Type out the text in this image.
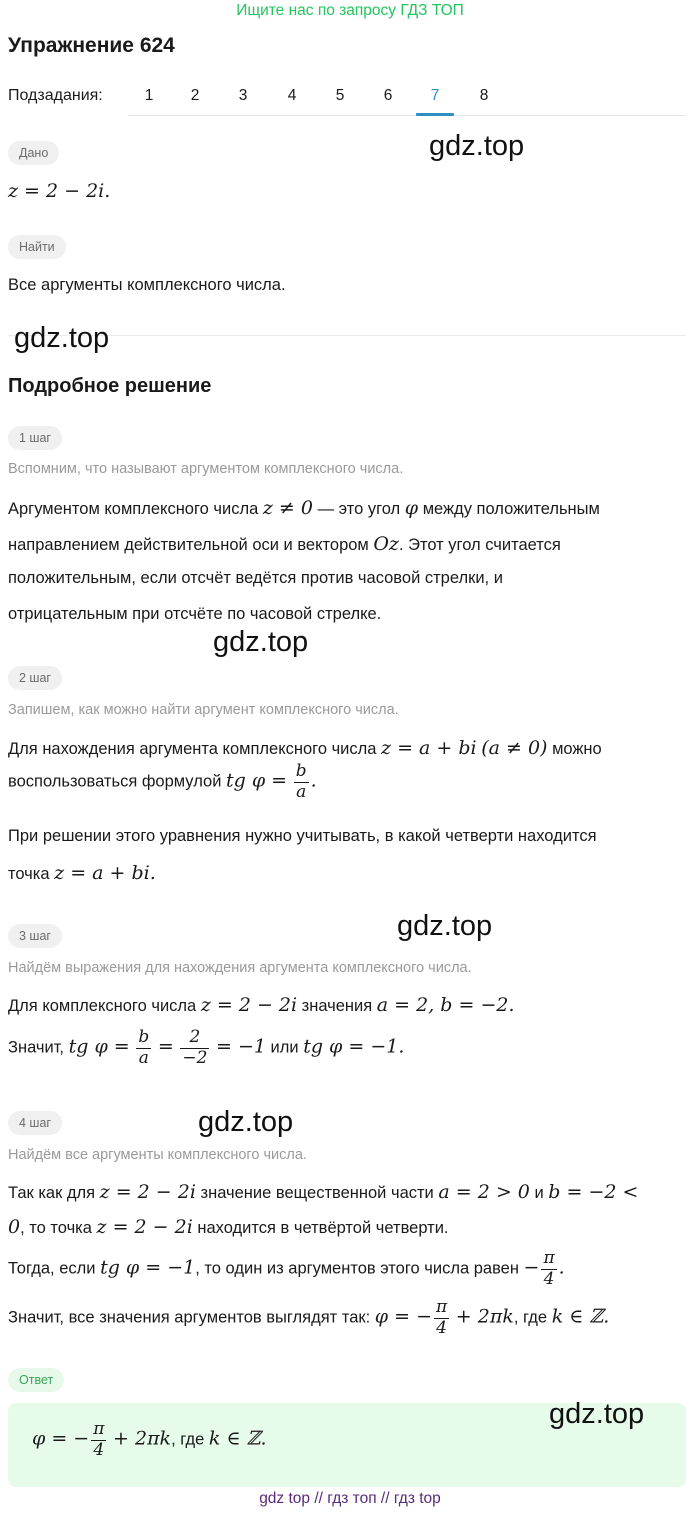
Ищите нас по запросу ГДЗ ТОП
Упражнение 624
Подзадания:	1	2	3	4	5	6	7	8
Дано	gdz.top
z = 2 − 2i.
Найти
Все аргументы комплексного числа.
gdz.top
Подробное решение
1 шаг
Вспомним, что называют аргументом комплексного числа.
Аргументом комплексного числа z ≠ 0 — это угол φ между положительным
направлением действительной оси и вектором Oz. Этот угол считается
положительным, если отсчёт ведётся против часовой стрелки, и
отрицательным при отсчёте по часовой стрелке.
gdz.top
2 шаг
Запишем, как можно найти аргумент комплексного числа.
Для нахождения аргумента комплексного числа z = a + bi (a ≠ 0) можно
воспользоваться формулой tg $\varphi = \frac{b}{a}$ .
При решении этого уравнения нужно учитывать, в какой четверти находится
точка z = a + bi.
gdz.top
3 шаг
Найдём выражения для нахождения аргумента комплексного числа.
Для комплексного числа z = 2 − 2i значения a = 2, b = −2.
Значит, tg $\varphi = \frac{b}{a} = \frac{2}{-2} = -1$ или tg φ = −1.
4 шаг	gdz.top
Найдём все аргументы комплексного числа.
Так как для z = 2 − 2i значение вещественной части a = 2 > 0 и b = −2 <
0, то точка z = 2 − 2i находится в четвёртой четверти.
Тогда, если tg φ = −1, то один из аргументов этого числа равен − $\frac{\pi}{4}$ .
Значит, все значения аргументов выглядят так: φ = − $\frac{\pi}{4} + 2\pi k$, где k ∈ ℤ.
Ответ
gdz.top
φ = − $\frac{\pi}{4} + 2\pi k$, где k ∈ ℤ.
gdz top // гдз топ // гдз top
